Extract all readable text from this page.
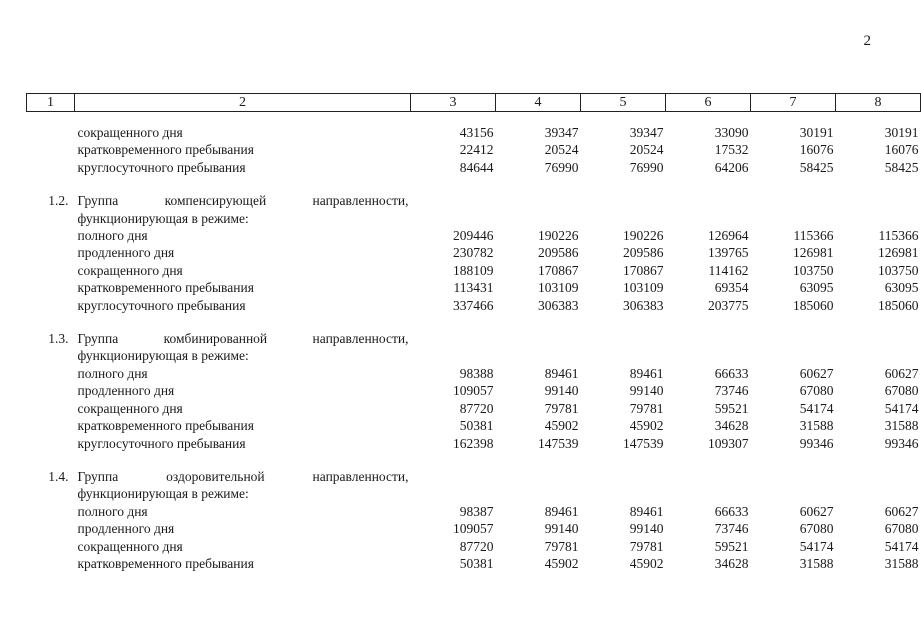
2
1	2	3	4	5	6	7	8

	сокращенного дня	43156	39347	39347	33090	30191	30191
	кратковременного пребывания	22412	20524	20524	17532	16076	16076
	круглосуточного пребывания	84644	76990	76990	64206	58425	58425

1.2.	Группа компенсирующей направленности,						
	функционирующая в режиме:						
	полного дня	209446	190226	190226	126964	115366	115366
	продленного дня	230782	209586	209586	139765	126981	126981
	сокращенного дня	188109	170867	170867	114162	103750	103750
	кратковременного пребывания	113431	103109	103109	69354	63095	63095
	круглосуточного пребывания	337466	306383	306383	203775	185060	185060

1.3.	Группа комбинированной направленности,						
	функционирующая в режиме:						
	полного дня	98388	89461	89461	66633	60627	60627
	продленного дня	109057	99140	99140	73746	67080	67080
	сокращенного дня	87720	79781	79781	59521	54174	54174
	кратковременного пребывания	50381	45902	45902	34628	31588	31588
	круглосуточного пребывания	162398	147539	147539	109307	99346	99346

1.4.	Группа оздоровительной направленности,						
	функционирующая в режиме:						
	полного дня	98387	89461	89461	66633	60627	60627
	продленного дня	109057	99140	99140	73746	67080	67080
	сокращенного дня	87720	79781	79781	59521	54174	54174
	кратковременного пребывания	50381	45902	45902	34628	31588	31588
